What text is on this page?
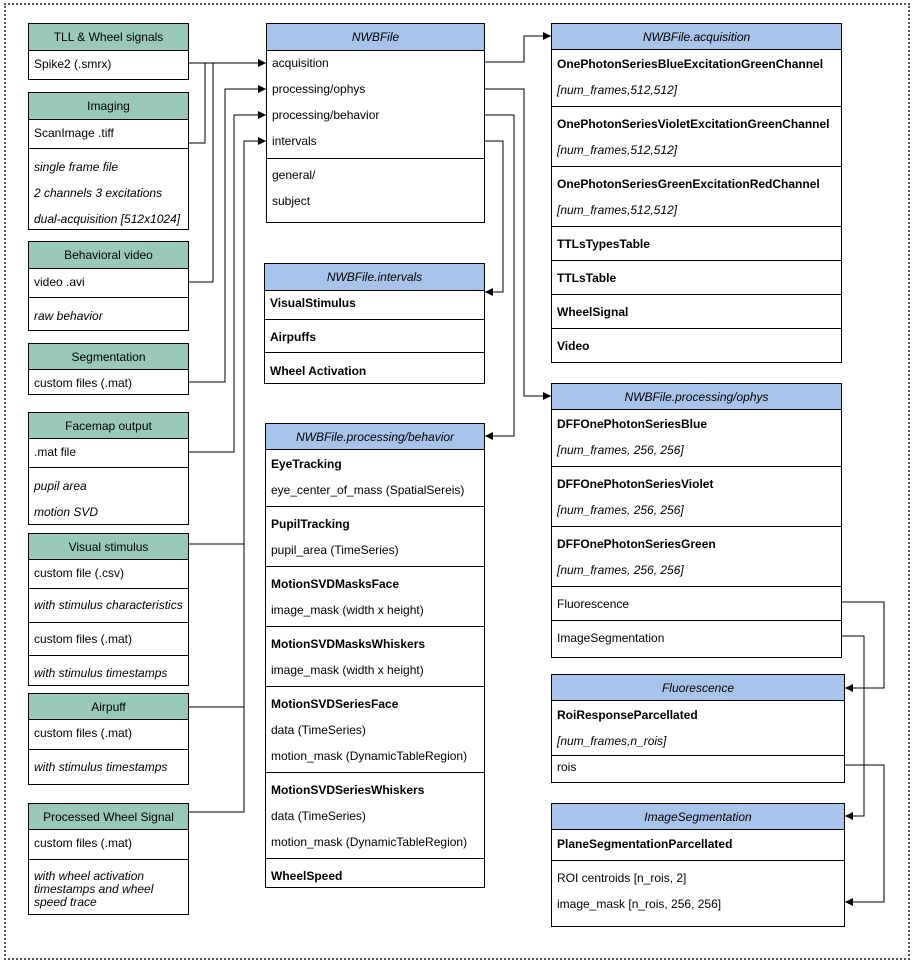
TLL & Wheel signals
Spike2 (.smrx)
Imaging
ScanImage .tiff
single frame file
2 channels 3 excitations
dual-acquisition [512x1024]
Behavioral video
video .avi
raw behavior
Segmentation
custom files (.mat)
Facemap output
.mat file
pupil area
motion SVD
Visual stimulus
custom file (.csv)
with stimulus characteristics
custom files (.mat)
with stimulus timestamps
Airpuff
custom files (.mat)
with stimulus timestamps
Processed Wheel Signal
custom files (.mat)
with wheel activation timestamps and wheel speed trace
NWBFile
acquisition
processing/ophys
processing/behavior
intervals
general/
subject
NWBFile.intervals
VisualStimulus
Airpuffs
Wheel Activation
NWBFile.processing/behavior
EyeTracking
eye_center_of_mass (SpatialSereis)
PupilTracking
pupil_area (TimeSeries)
MotionSVDMasksFace
image_mask (width x height)
MotionSVDMasksWhiskers
image_mask (width x height)
MotionSVDSeriesFace
data (TimeSeries)
motion_mask (DynamicTableRegion)
MotionSVDSeriesWhiskers
data (TimeSeries)
motion_mask (DynamicTableRegion)
WheelSpeed
NWBFile.acquisition
OnePhotonSeriesBlueExcitationGreenChannel
[num_frames,512,512]
OnePhotonSeriesVioletExcitationGreenChannel
[num_frames,512,512]
OnePhotonSeriesGreenExcitationRedChannel
[num_frames,512,512]
TTLsTypesTable
TTLsTable
WheelSignal
Video
NWBFile.processing/ophys
DFFOnePhotonSeriesBlue
[num_frames, 256, 256]
DFFOnePhotonSeriesViolet
[num_frames, 256, 256]
DFFOnePhotonSeriesGreen
[num_frames, 256, 256]
Fluorescence
ImageSegmentation
Fluorescence
RoiResponseParcellated
[num_frames,n_rois]
rois
ImageSegmentation
PlaneSegmentationParcellated
ROI centroids [n_rois, 2]
image_mask [n_rois, 256, 256]
